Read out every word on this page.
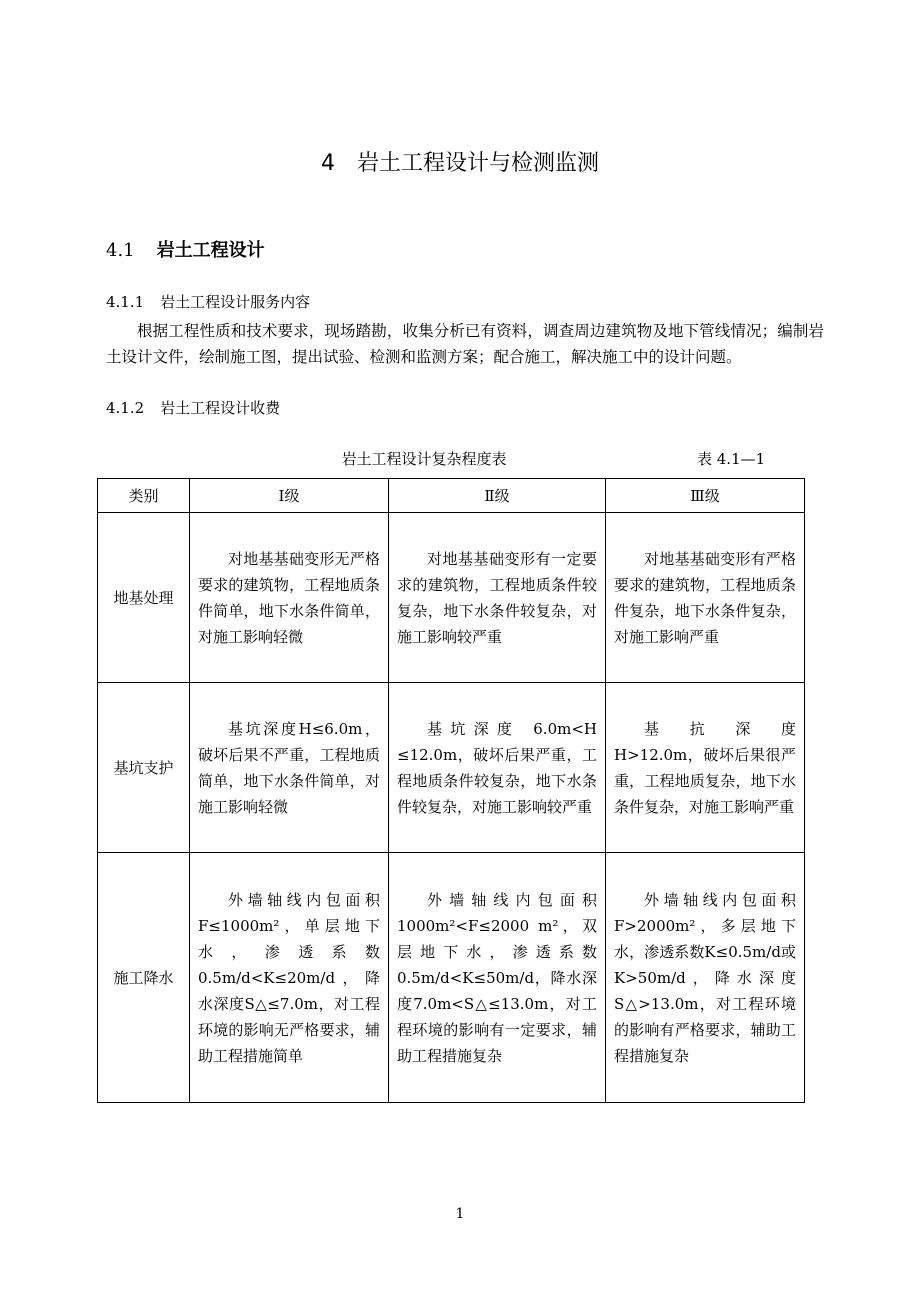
4 岩土工程设计与检测监测
4.1 岩土工程设计

4.1.1 岩土工程设计服务内容

根据工程性质和技术要求，现场踏勘，收集分析已有资料，调查周边建筑物及地下管线情况；编制岩土设计文件，绘制施工图，提出试验、检测和监测方案；配合施工，解决施工中的设计问题。

4.1.2 岩土工程设计收费

岩土工程设计复杂程度表	表 4.1—1
类别	Ⅰ级	Ⅱ级	Ⅲ级
地基处理	对地基基础变形无严格要求的建筑物，工程地质条件简单，地下水条件简单，对施工影响轻微	对地基基础变形有一定要求的建筑物，工程地质条件较复杂，地下水条件较复杂，对施工影响较严重	对地基基础变形有严格要求的建筑物，工程地质条件复杂，地下水条件复杂，对施工影响严重
基坑支护	基坑深度H≤6.0m，破坏后果不严重，工程地质简单，地下水条件简单，对施工影响轻微	基坑深度 6.0m<H ≤12.0m，破坏后果严重，工程地质条件较复杂，地下水条件较复杂，对施工影响较严重	基抗深度 H>12.0m，破坏后果很严重，工程地质复杂，地下水条件复杂，对施工影响严重
施工降水	外墙轴线内包面积F≤1000m²，单层地下水，渗透系数0.5m/d<K≤20m/d，降水深度S△≤7.0m，对工程环境的影响无严格要求，辅助工程措施简单	外墙轴线内包面积1000m²<F≤2000 m²，双层地下水，渗透系数0.5m/d<K≤50m/d，降水深度7.0m<S△≤13.0m，对工程环境的影响有一定要求，辅助工程措施复杂	外墙轴线内包面积F>2000m²，多层地下水，渗透系数K≤0.5m/d或K>50m/d，降水深度S△>13.0m，对工程环境的影响有严格要求，辅助工程措施复杂
1
